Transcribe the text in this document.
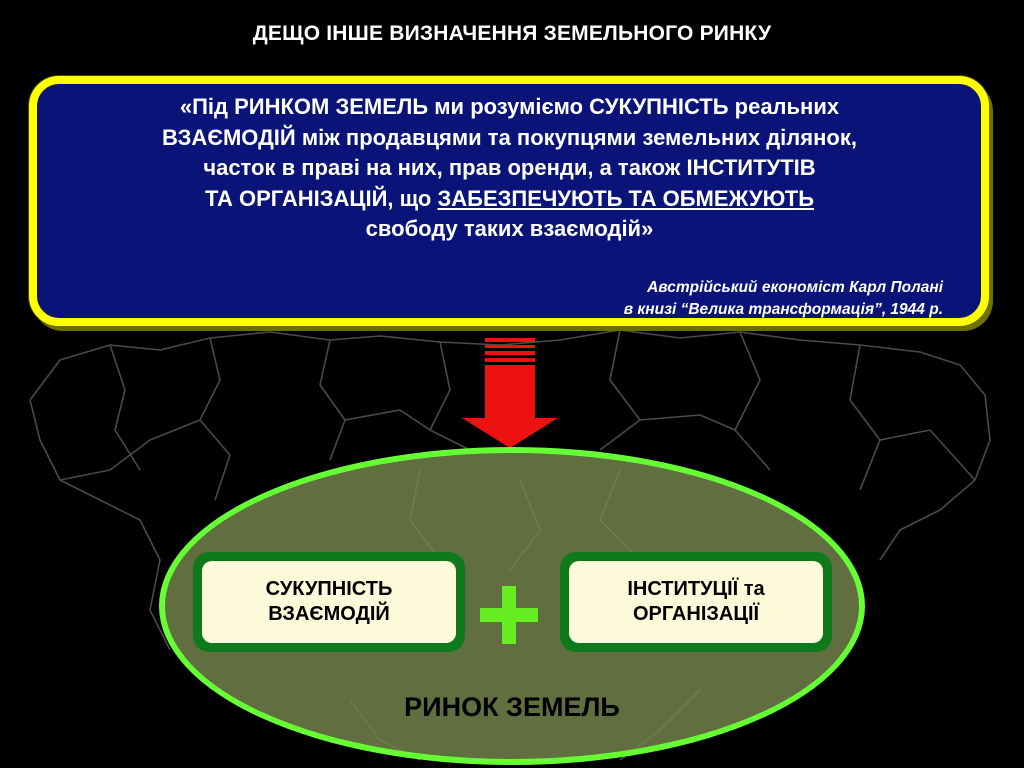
ДЕЩО ІНШЕ ВИЗНАЧЕННЯ ЗЕМЕЛЬНОГО РИНКУ
«Під РИНКОМ ЗЕМЕЛЬ ми розуміємо СУКУПНІСТЬ реальних
ВЗАЄМОДІЙ між продавцями та покупцями земельних ділянок,
часток в праві на них, прав оренди, а також ІНСТИТУТІВ
ТА ОРГАНІЗАЦІЙ, що ЗАБЕЗПЕЧУЮТЬ ТА ОБМЕЖУЮТЬ
свободу таких взаємодій»
Австрійський економіст Карл Полані
в книзі “Велика трансформація”, 1944 р.
СУКУПНІСТЬ
ВЗАЄМОДІЙ
ІНСТИТУЦІЇ та
ОРГАНІЗАЦІЇ
РИНОК ЗЕМЕЛЬ
